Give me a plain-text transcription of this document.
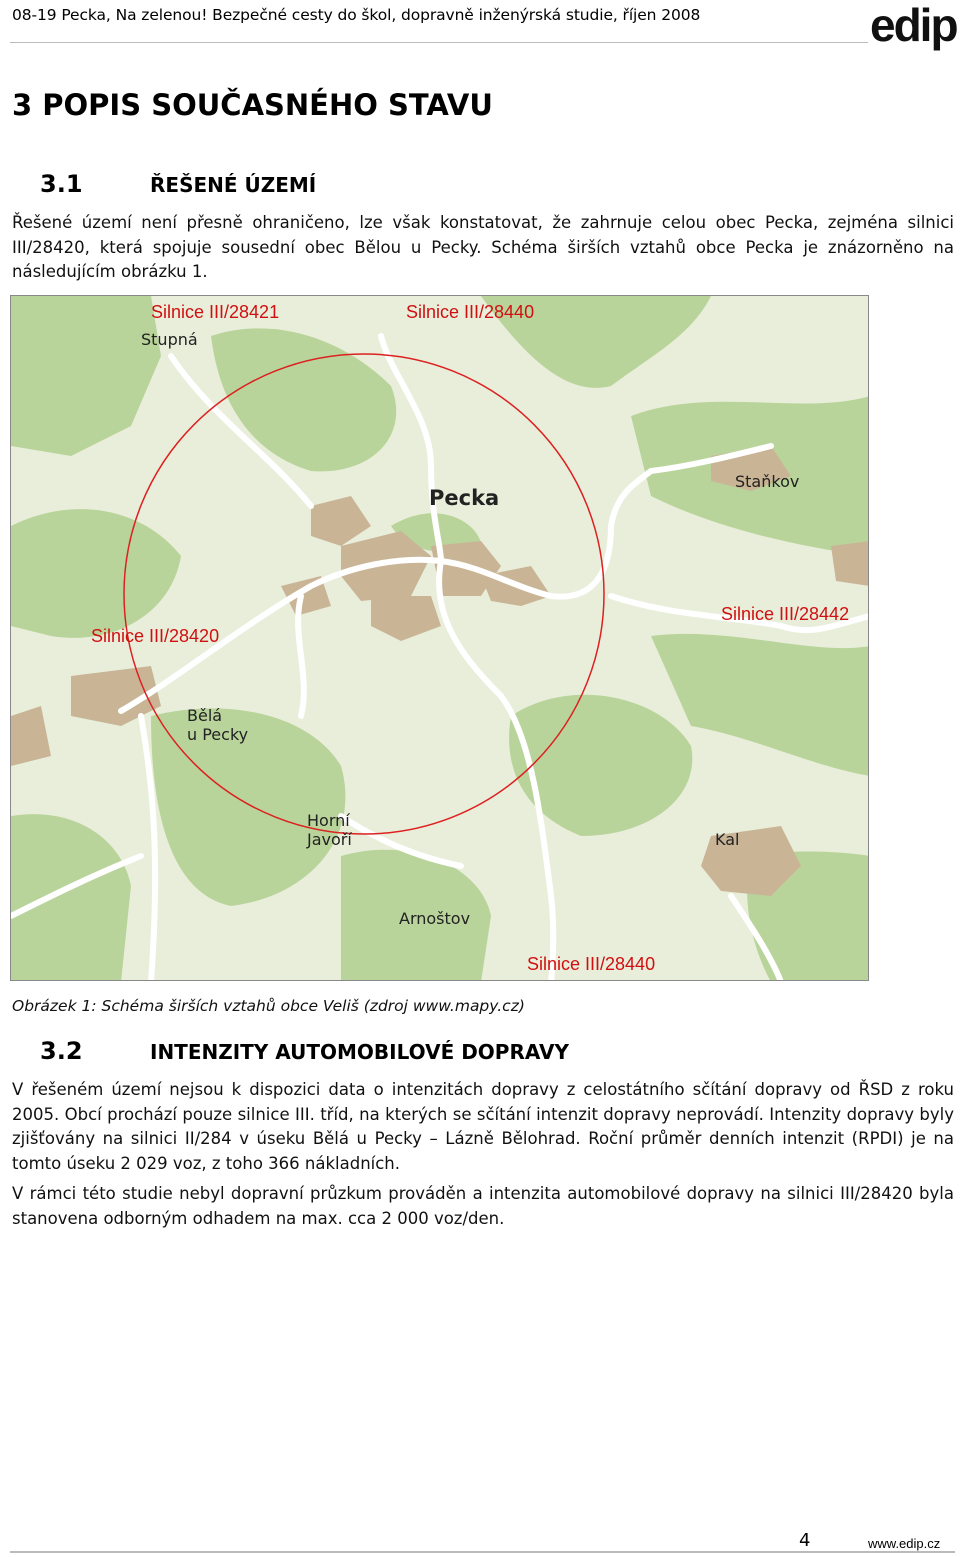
08-19 Pecka, Na zelenou! Bezpečné cesty do škol, dopravně inženýrská studie, říjen 2008	edip
3 POPIS SOUČASNÉHO STAVU
3.1	ŘEŠENÉ ÚZEMÍ
Řešené území není přesně ohraničeno, lze však konstatovat, že zahrnuje celou obec Pecka, zejména silnici III/28420, která spojuje sousední obec Bělou u Pecky. Schéma širších vztahů obce Pecka je znázorněno na následujícím obrázku 1.
Silnice III/28421	Silnice III/28440
Silnice III/28420
Silnice III/28442
Silnice III/28440
Stupná
Pecka
Staňkov
Bělá
u Pecky
Horní
Javoří	Kal
Arnoštov
Obrázek 1: Schéma širších vztahů obce Veliš (zdroj www.mapy.cz)
3.2	INTENZITY AUTOMOBILOVÉ DOPRAVY
V řešeném území nejsou k dispozici data o intenzitách dopravy z celostátního sčítání dopravy od ŘSD z roku 2005. Obcí prochází pouze silnice III. tříd, na kterých se sčítání intenzit dopravy neprovádí. Intenzity dopravy byly zjišťovány na silnici II/284 v úseku Bělá u Pecky – Lázně Bělohrad. Roční průměr denních intenzit (RPDI) je na tomto úseku 2 029 voz, z toho 366 nákladních.
V rámci této studie nebyl dopravní průzkum prováděn a intenzita automobilové dopravy na silnici III/28420 byla stanovena odborným odhadem na max. cca 2 000 voz/den.
4	www.edip.cz
